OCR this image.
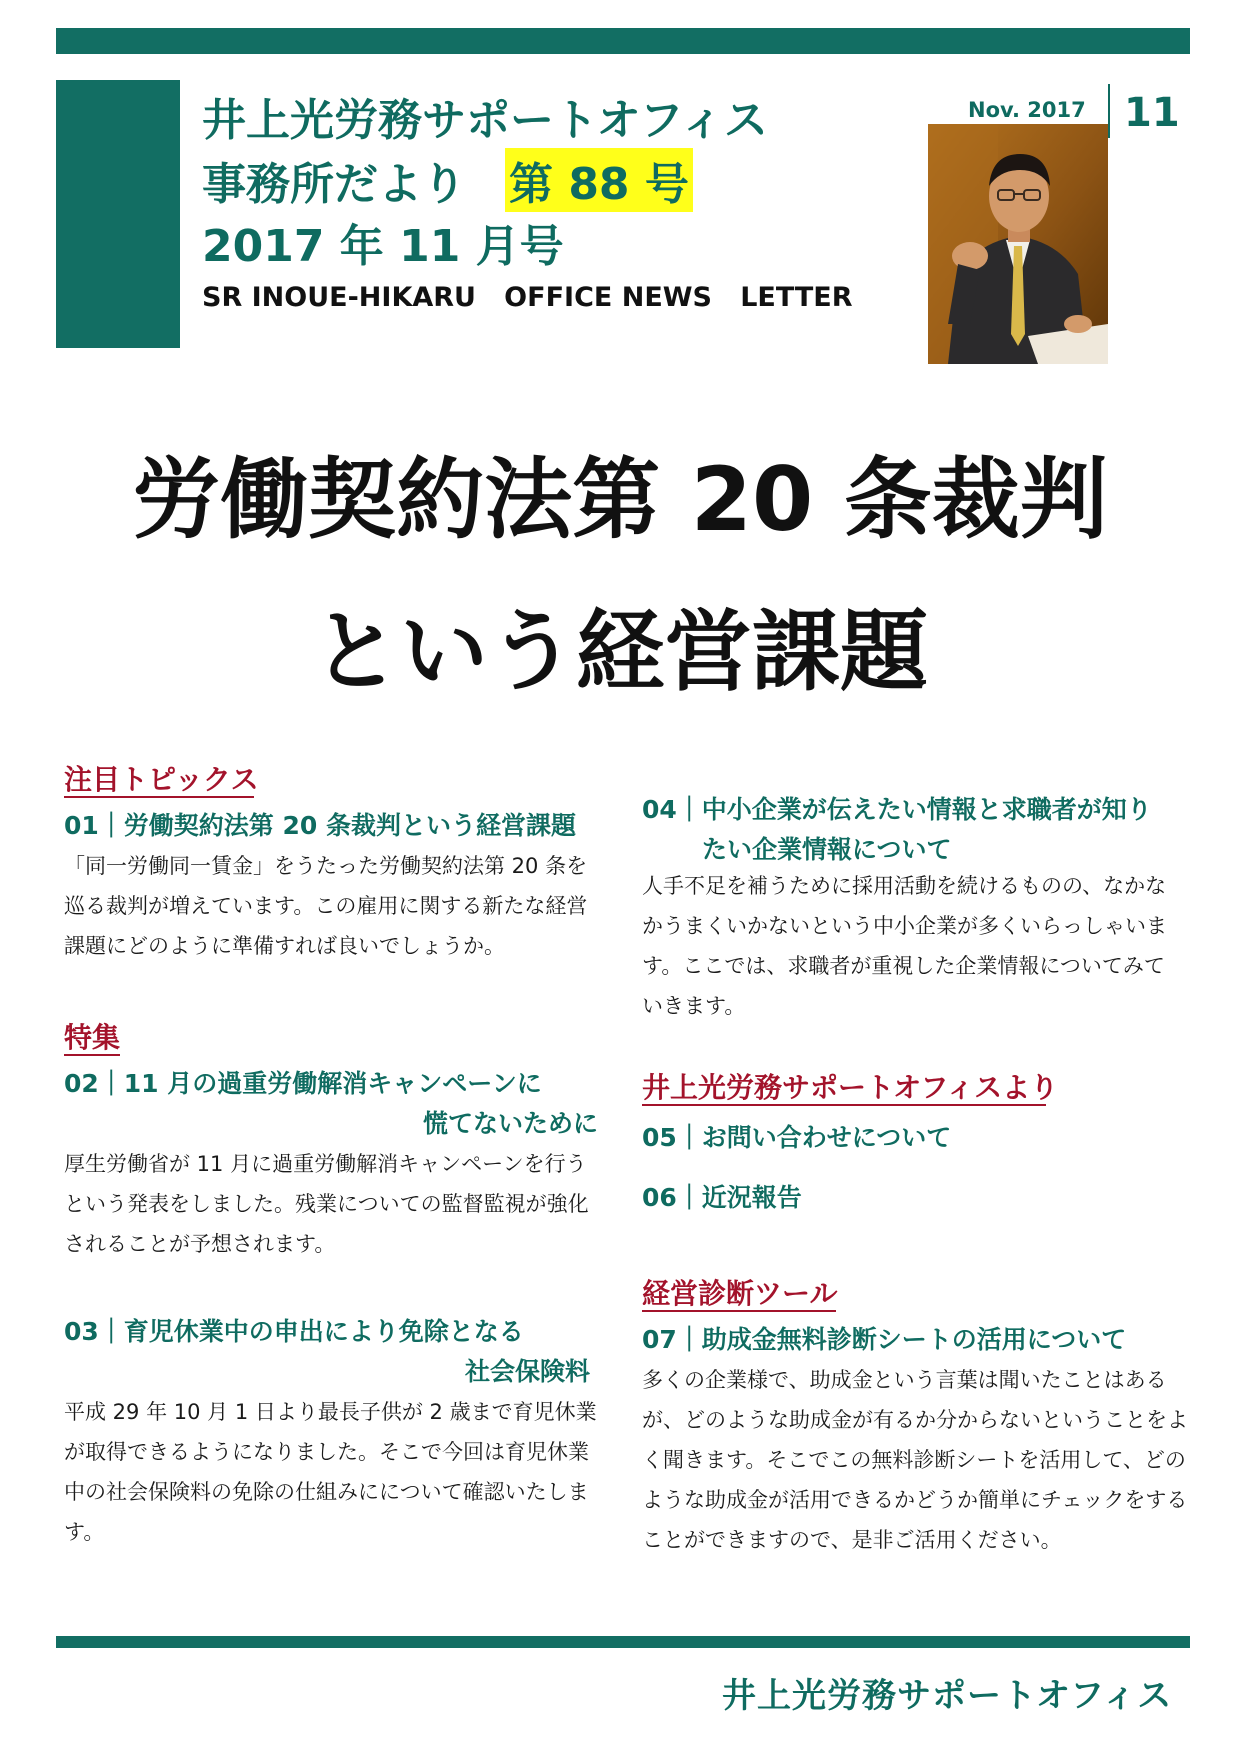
井上光労務サポートオフィス
事務所だより 第 88 号
2017 年 11 月号
SR INOUE-HIKARU   OFFICE NEWS   LETTER
Nov. 2017 11
労働契約法第 20 条裁判
という経営課題
注目トピックス
01｜労働契約法第 20 条裁判という経営課題
「同一労働同一賃金」をうたった労働契約法第 20 条を巡る裁判が増えています。この雇用に関する新たな経営課題にどのように準備すれば良いでしょうか。
特集
02｜11 月の過重労働解消キャンペーンに
慌てないために
厚生労働省が 11 月に過重労働解消キャンペーンを行うという発表をしました。残業についての監督監視が強化されることが予想されます。
03｜育児休業中の申出により免除となる
社会保険料
平成 29 年 10 月 1 日より最長子供が 2 歳まで育児休業が取得できるようになりました。そこで今回は育児休業中の社会保険料の免除の仕組みにについて確認いたします。
04｜中小企業が伝えたい情報と求職者が知り
たい企業情報について
人手不足を補うために採用活動を続けるものの、なかなかうまくいかないという中小企業が多くいらっしゃいます。ここでは、求職者が重視した企業情報についてみていきます。
井上光労務サポートオフィスより
05｜お問い合わせについて
06｜近況報告
経営診断ツール
07｜助成金無料診断シートの活用について
多くの企業様で、助成金という言葉は聞いたことはあるが、どのような助成金が有るか分からないということをよく聞きます。そこでこの無料診断シートを活用して、どのような助成金が活用できるかどうか簡単にチェックをすることができますので、是非ご活用ください。
井上光労務サポートオフィス
